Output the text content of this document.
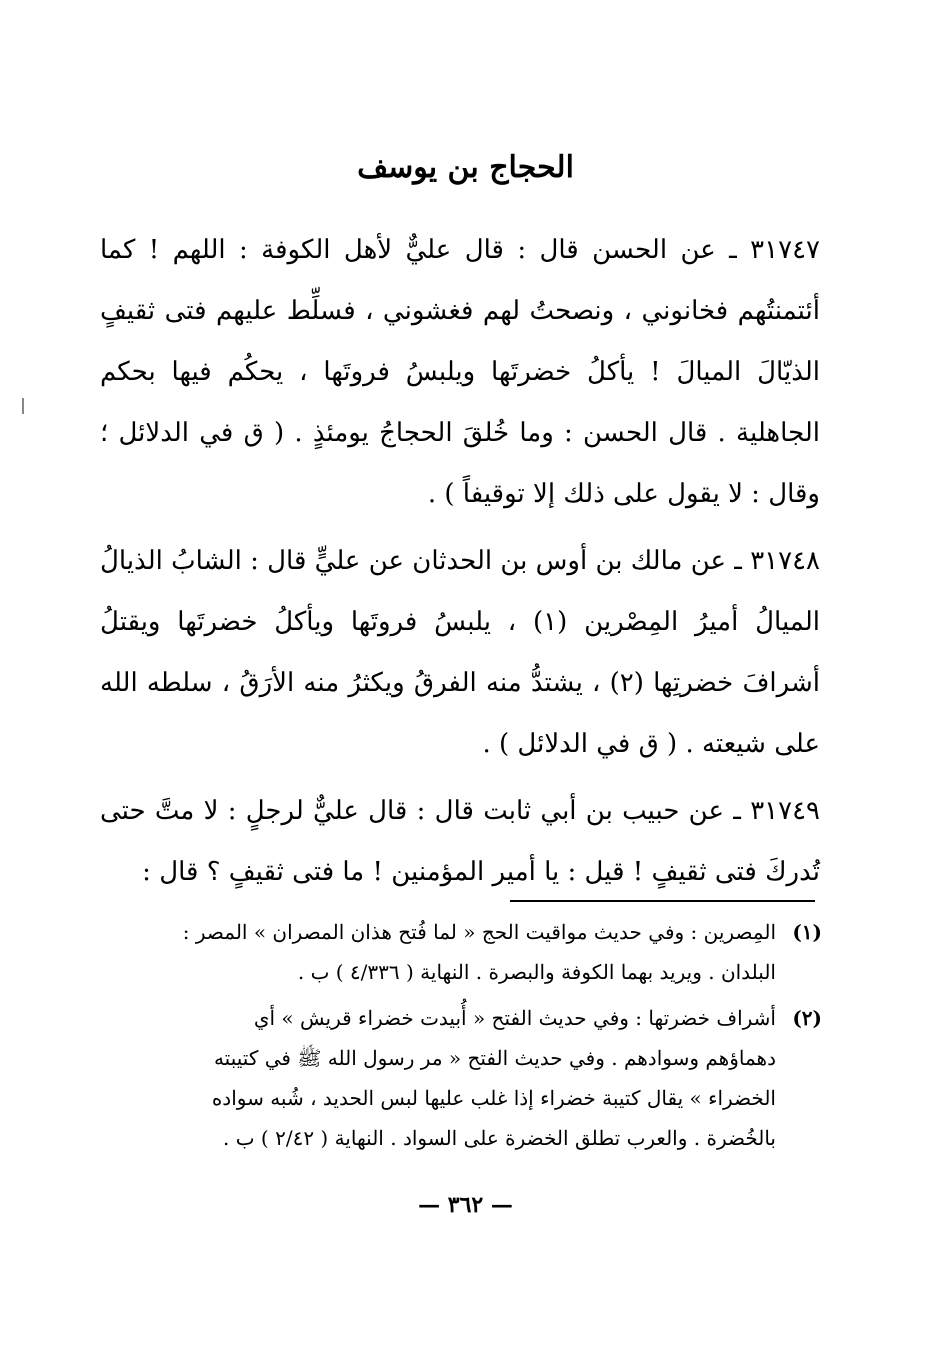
الحجاج بن يوسف

٣١٧٤٧ ـ عن الحسن قال : قال عليٌّ لأهل الكوفة : اللهم ! كما أئتمنتُهم فخانوني ، ونصحتُ لهم فغشوني ، فسلِّط عليهم فتى ثقيفٍ الذيّالَ الميالَ ! يأكلُ خضرتَها ويلبسُ فروتَها ، يحكُم فيها بحكم الجاهلية . قال الحسن : وما خُلقَ الحجاجُ يومئذٍ . ( ق في الدلائل ؛ وقال : لا يقول على ذلك إلا توقيفاً ) .

٣١٧٤٨ ـ عن مالك بن أوس بن الحدثان عن عليٍّ قال : الشابُ الذيالُ الميالُ أميرُ المِصْرين (١) ، يلبسُ فروتَها ويأكلُ خضرتَها ويقتلُ أشرافَ خضرتِها (٢) ، يشتدُّ منه الفرقُ ويكثرُ منه الأرَقُ ، سلطه الله على شيعته . ( ق في الدلائل ) .

٣١٧٤٩ ـ عن حبيب بن أبي ثابت قال : قال عليٌّ لرجلٍ : لا متَّ حتى تُدركَ فتى ثقيفٍ ! قيل : يا أمير المؤمنين ! ما فتى ثقيفٍ ؟ قال :

(١)
المِصرين : وفي حديث مواقيت الحج « لما فُتح هذان المصران » المصر :
البلدان . ويريد بهما الكوفة والبصرة . النهاية ( ٤/٣٣٦ ) ب .
(٢)
أشراف خضرتها : وفي حديث الفتح « أُبيدت خضراء قريش » أي
دهماؤهم وسوادهم . وفي حديث الفتح « مر رسول الله ﷺ في كتيبته
الخضراء » يقال كتيبة خضراء إذا غلب عليها لبس الحديد ، شُبه سواده
بالخُضرة . والعرب تطلق الخضرة على السواد . النهاية ( ٢/٤٢ ) ب .
— ٣٦٢ —
